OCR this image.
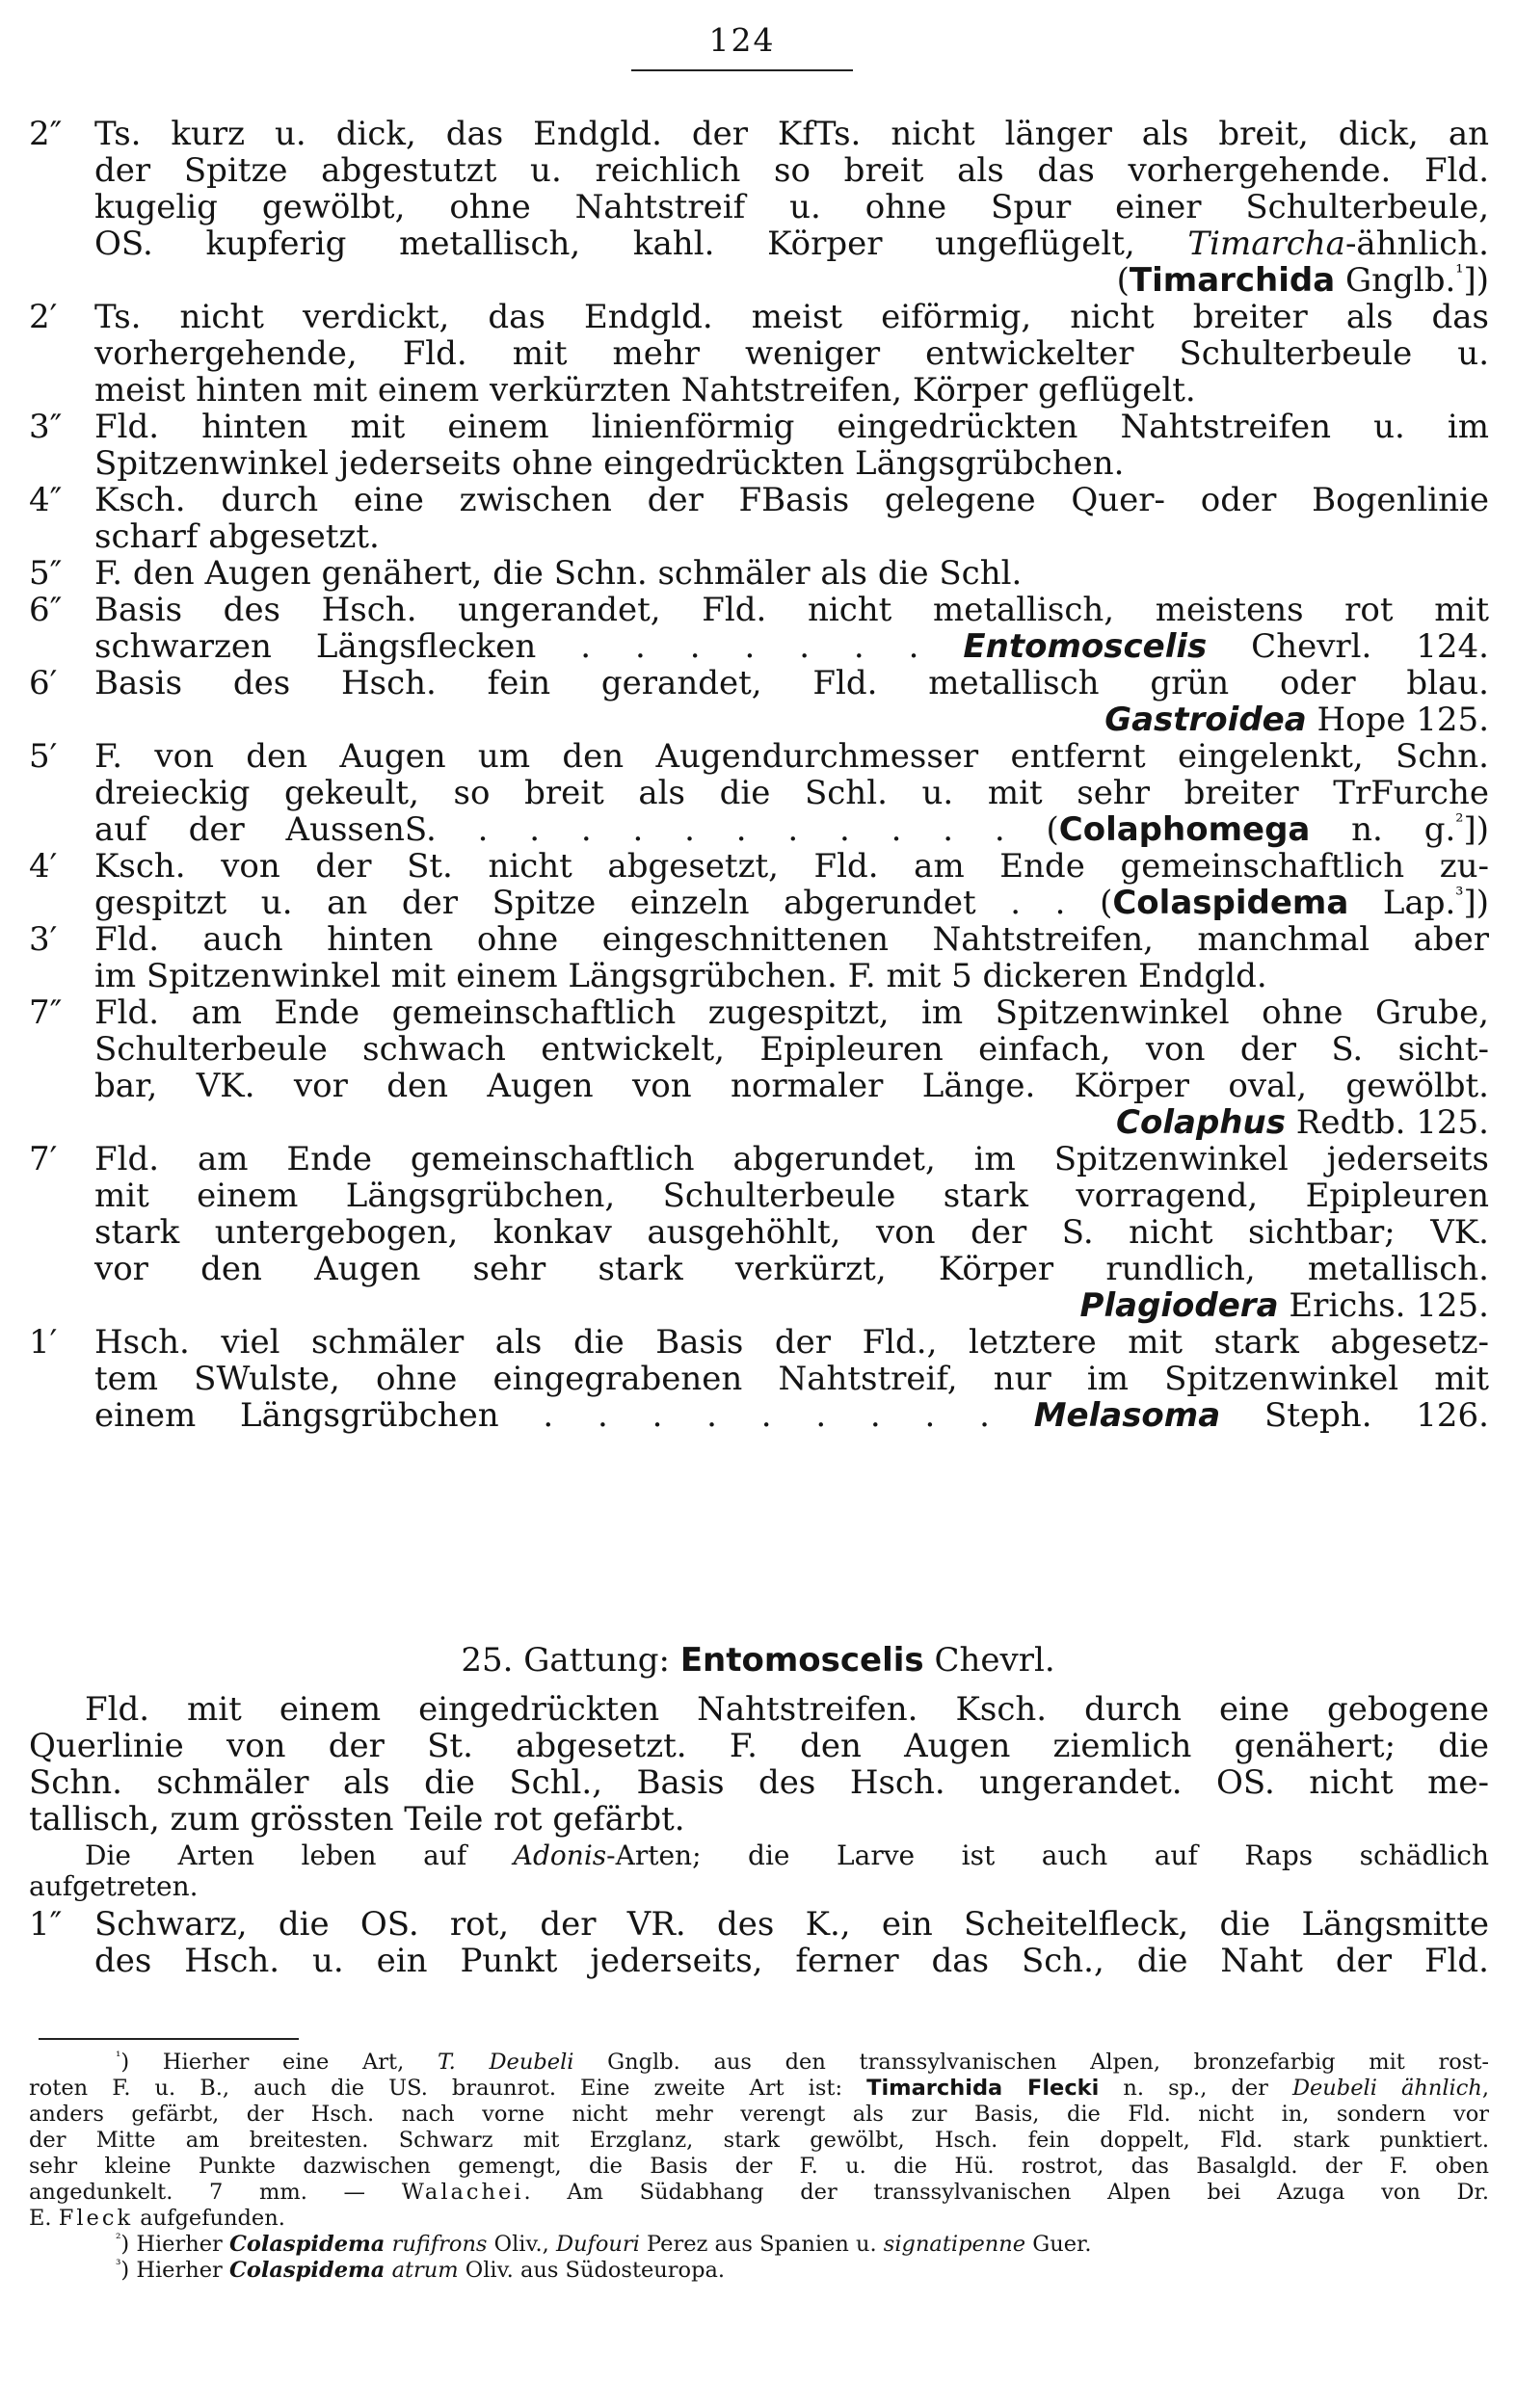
124
2″ Ts. kurz u. dick, das Endgld. der KfTs. nicht länger als breit, dick, an
der Spitze abgestutzt u. reichlich so breit als das vorhergehende. Fld.
kugelig gewölbt, ohne Nahtstreif u. ohne Spur einer Schulterbeule,
OS. kupferig metallisch, kahl. Körper ungeflügelt, Timarcha-ähnlich.
(Timarchida Gnglb.$^{^1}$])
2′	Ts. nicht verdickt, das Endgld. meist eiförmig, nicht breiter als das
vorhergehende, Fld. mit mehr weniger entwickelter Schulterbeule u.
meist hinten mit einem verkürzten Nahtstreifen, Körper geflügelt.
3″ Fld. hinten mit einem linienförmig eingedrückten Nahtstreifen u. im
Spitzenwinkel jederseits ohne eingedrückten Längsgrübchen.
4″ Ksch. durch eine zwischen der FBasis gelegene Quer- oder Bogenlinie
scharf abgesetzt.
5″ F. den Augen genähert, die Schn. schmäler als die Schl.
6″ Basis des Hsch. ungerandet, Fld. nicht metallisch, meistens rot mit
schwarzen Längsflecken . . . . . . . Entomoscelis Chevrl. 124.
6′	Basis des Hsch. fein gerandet, Fld. metallisch grün oder blau.
Gastroidea Hope 125.
5′	F. von den Augen um den Augendurchmesser entfernt eingelenkt, Schn.
dreieckig gekeult, so breit als die Schl. u. mit sehr breiter TrFurche
auf der AussenS. . . . . . . . . . . . (Colaphomega n. g.$^{^2}$])
4′	Ksch. von der St. nicht abgesetzt, Fld. am Ende gemeinschaftlich zu-
gespitzt u. an der Spitze einzeln abgerundet . . (Colaspidema Lap.$^{^3}$])
3′	Fld. auch hinten ohne eingeschnittenen Nahtstreifen, manchmal aber
im Spitzenwinkel mit einem Längsgrübchen. F. mit 5 dickeren Endgld.
7″ Fld. am Ende gemeinschaftlich zugespitzt, im Spitzenwinkel ohne Grube,
Schulterbeule schwach entwickelt, Epipleuren einfach, von der S. sicht-
bar, VK. vor den Augen von normaler Länge. Körper oval, gewölbt.
Colaphus Redtb. 125.
7′	Fld. am Ende gemeinschaftlich abgerundet, im Spitzenwinkel jederseits
mit einem Längsgrübchen, Schulterbeule stark vorragend, Epipleuren
stark untergebogen, konkav ausgehöhlt, von der S. nicht sichtbar; VK.
vor den Augen sehr stark verkürzt, Körper rundlich, metallisch.
Plagiodera Erichs. 125.
1′	Hsch. viel schmäler als die Basis der Fld., letztere mit stark abgesetz-
tem SWulste, ohne eingegrabenen Nahtstreif, nur im Spitzenwinkel mit
einem Längsgrübchen . . . . . . . . . Melasoma Steph. 126.
25. Gattung: Entomoscelis Chevrl.
Fld. mit einem eingedrückten Nahtstreifen. Ksch. durch eine gebogene
Querlinie von der St. abgesetzt. F. den Augen ziemlich genähert; die
Schn. schmäler als die Schl., Basis des Hsch. ungerandet. OS. nicht me-
tallisch, zum grössten Teile rot gefärbt.
Die Arten leben auf Adonis-Arten; die Larve ist auch auf Raps schädlich
aufgetreten.
1″ Schwarz, die OS. rot, der VR. des K., ein Scheitelfleck, die Längsmitte
des Hsch. u. ein Punkt jederseits, ferner das Sch., die Naht der Fld.
$^{^1}$) Hierher eine Art, T. Deubeli Gnglb. aus den transsylvanischen Alpen, bronzefarbig mit rost-
roten F. u. B., auch die US. braunrot. Eine zweite Art ist: Timarchida Flecki n. sp., der Deubeli ähnlich,
anders gefärbt, der Hsch. nach vorne nicht mehr verengt als zur Basis, die Fld. nicht in, sondern vor
der Mitte am breitesten. Schwarz mit Erzglanz, stark gewölbt, Hsch. fein doppelt, Fld. stark punktiert.
sehr kleine Punkte dazwischen gemengt, die Basis der F. u. die Hü. rostrot, das Basalgld. der F. oben
angedunkelt. 7 mm. — Walachei. Am Südabhang der transsylvanischen Alpen bei Azuga von Dr.
E. Fleck aufgefunden.
$^{^2}$) Hierher Colaspidema rufifrons Oliv., Dufouri Perez aus Spanien u. signatipenne Guer.
$^{^3}$) Hierher Colaspidema atrum Oliv. aus Südosteuropa.
